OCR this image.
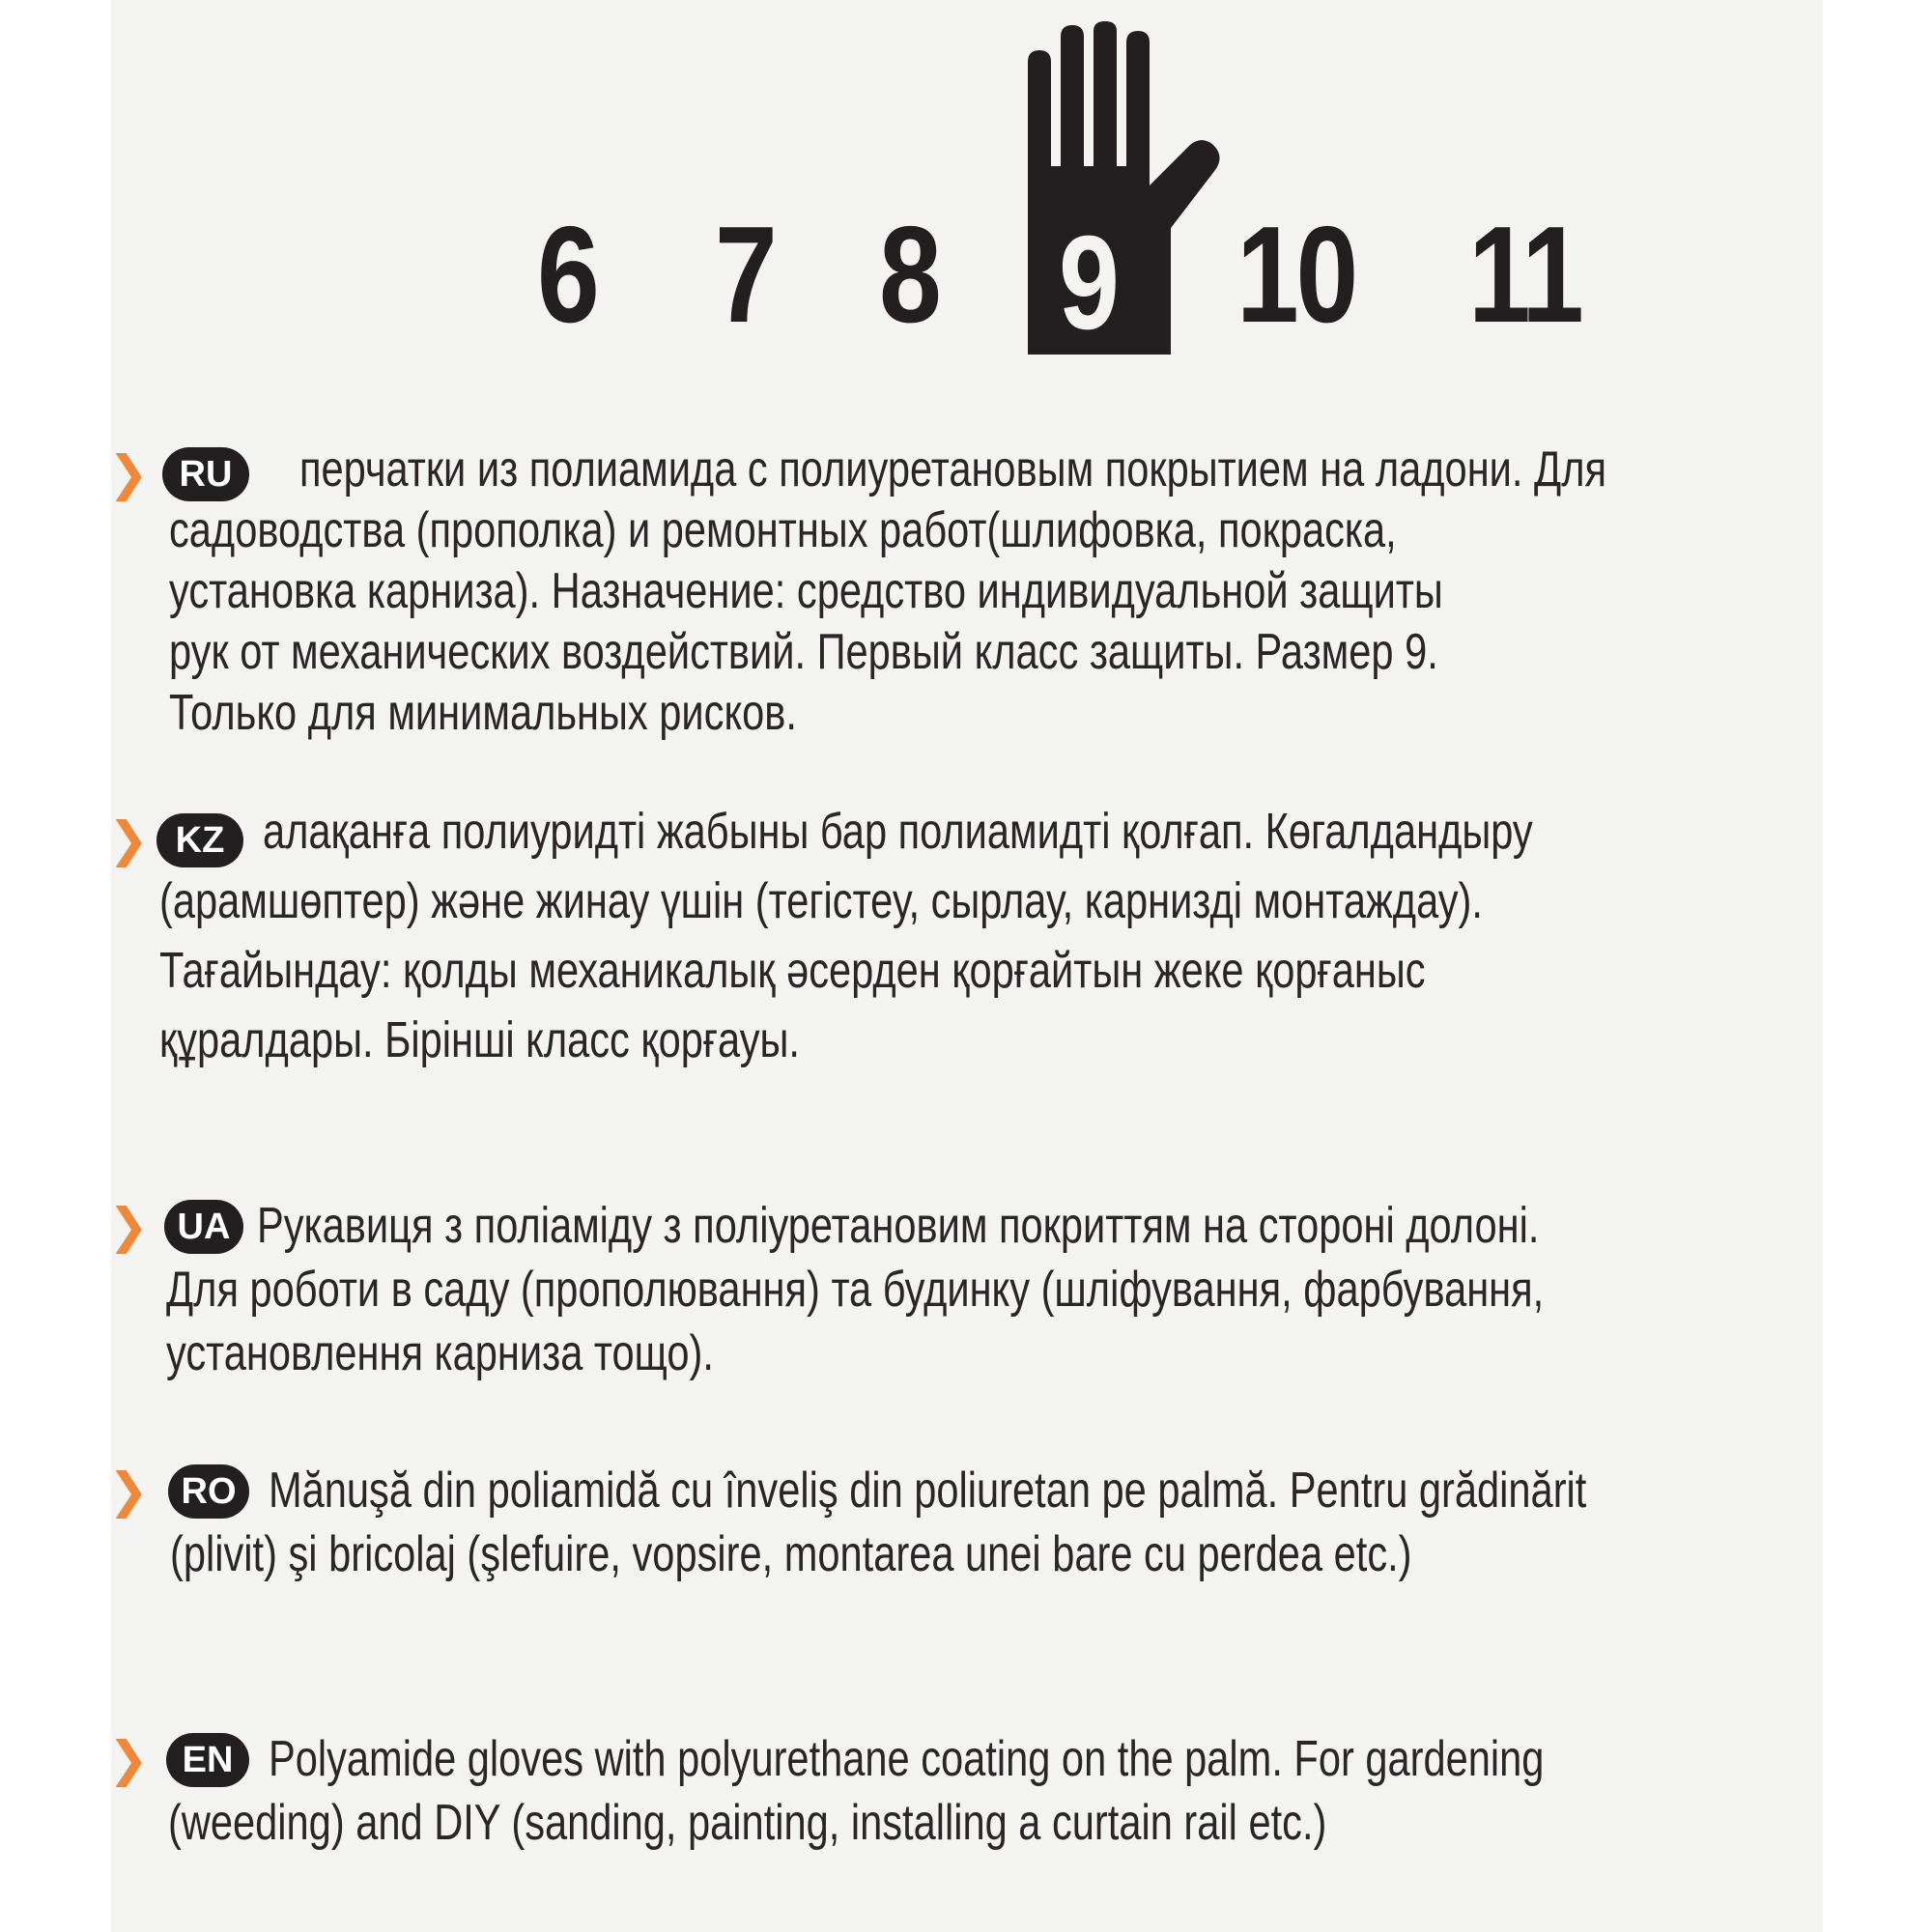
6 7 8 10 11
9
❯ RU	перчатки из полиамида с полиуретановым покрытием на ладони. Для

садоводства (прополка) и ремонтных работ(шлифовка, покраска,

установка карниза). Назначение: средство индивидуальной защиты

рук от механических воздействий. Первый класс защиты. Размер 9.

Только для минимальных рисков.

❯ KZ алақанға полиуридті жабыны бар полиамидті қолғап. Көгалдандыру

(арамшөптер) және жинау үшін (тегістеу, сырлау, карнизді монтаждау).

Тағайындау: қолды механикалық әсерден қорғайтын жеке қорғаныс

құралдары. Бірінші класс қорғауы.

❯ UA Рукавиця з поліаміду з поліуретановим покриттям на стороні долоні.

Для роботи в саду (прополювання) та будинку (шліфування, фарбування,

установлення карниза тощо).

❯ RO Mănuşă din poliamidă cu înveliş din poliuretan pe palmă. Pentru grădinărit

(plivit) şi bricolaj (şlefuire, vopsire, montarea unei bare cu perdea etc.)

❯ EN Polyamide gloves with polyurethane coating on the palm. For gardening

(weeding) and DIY (sanding, painting, installing a curtain rail etc.)
